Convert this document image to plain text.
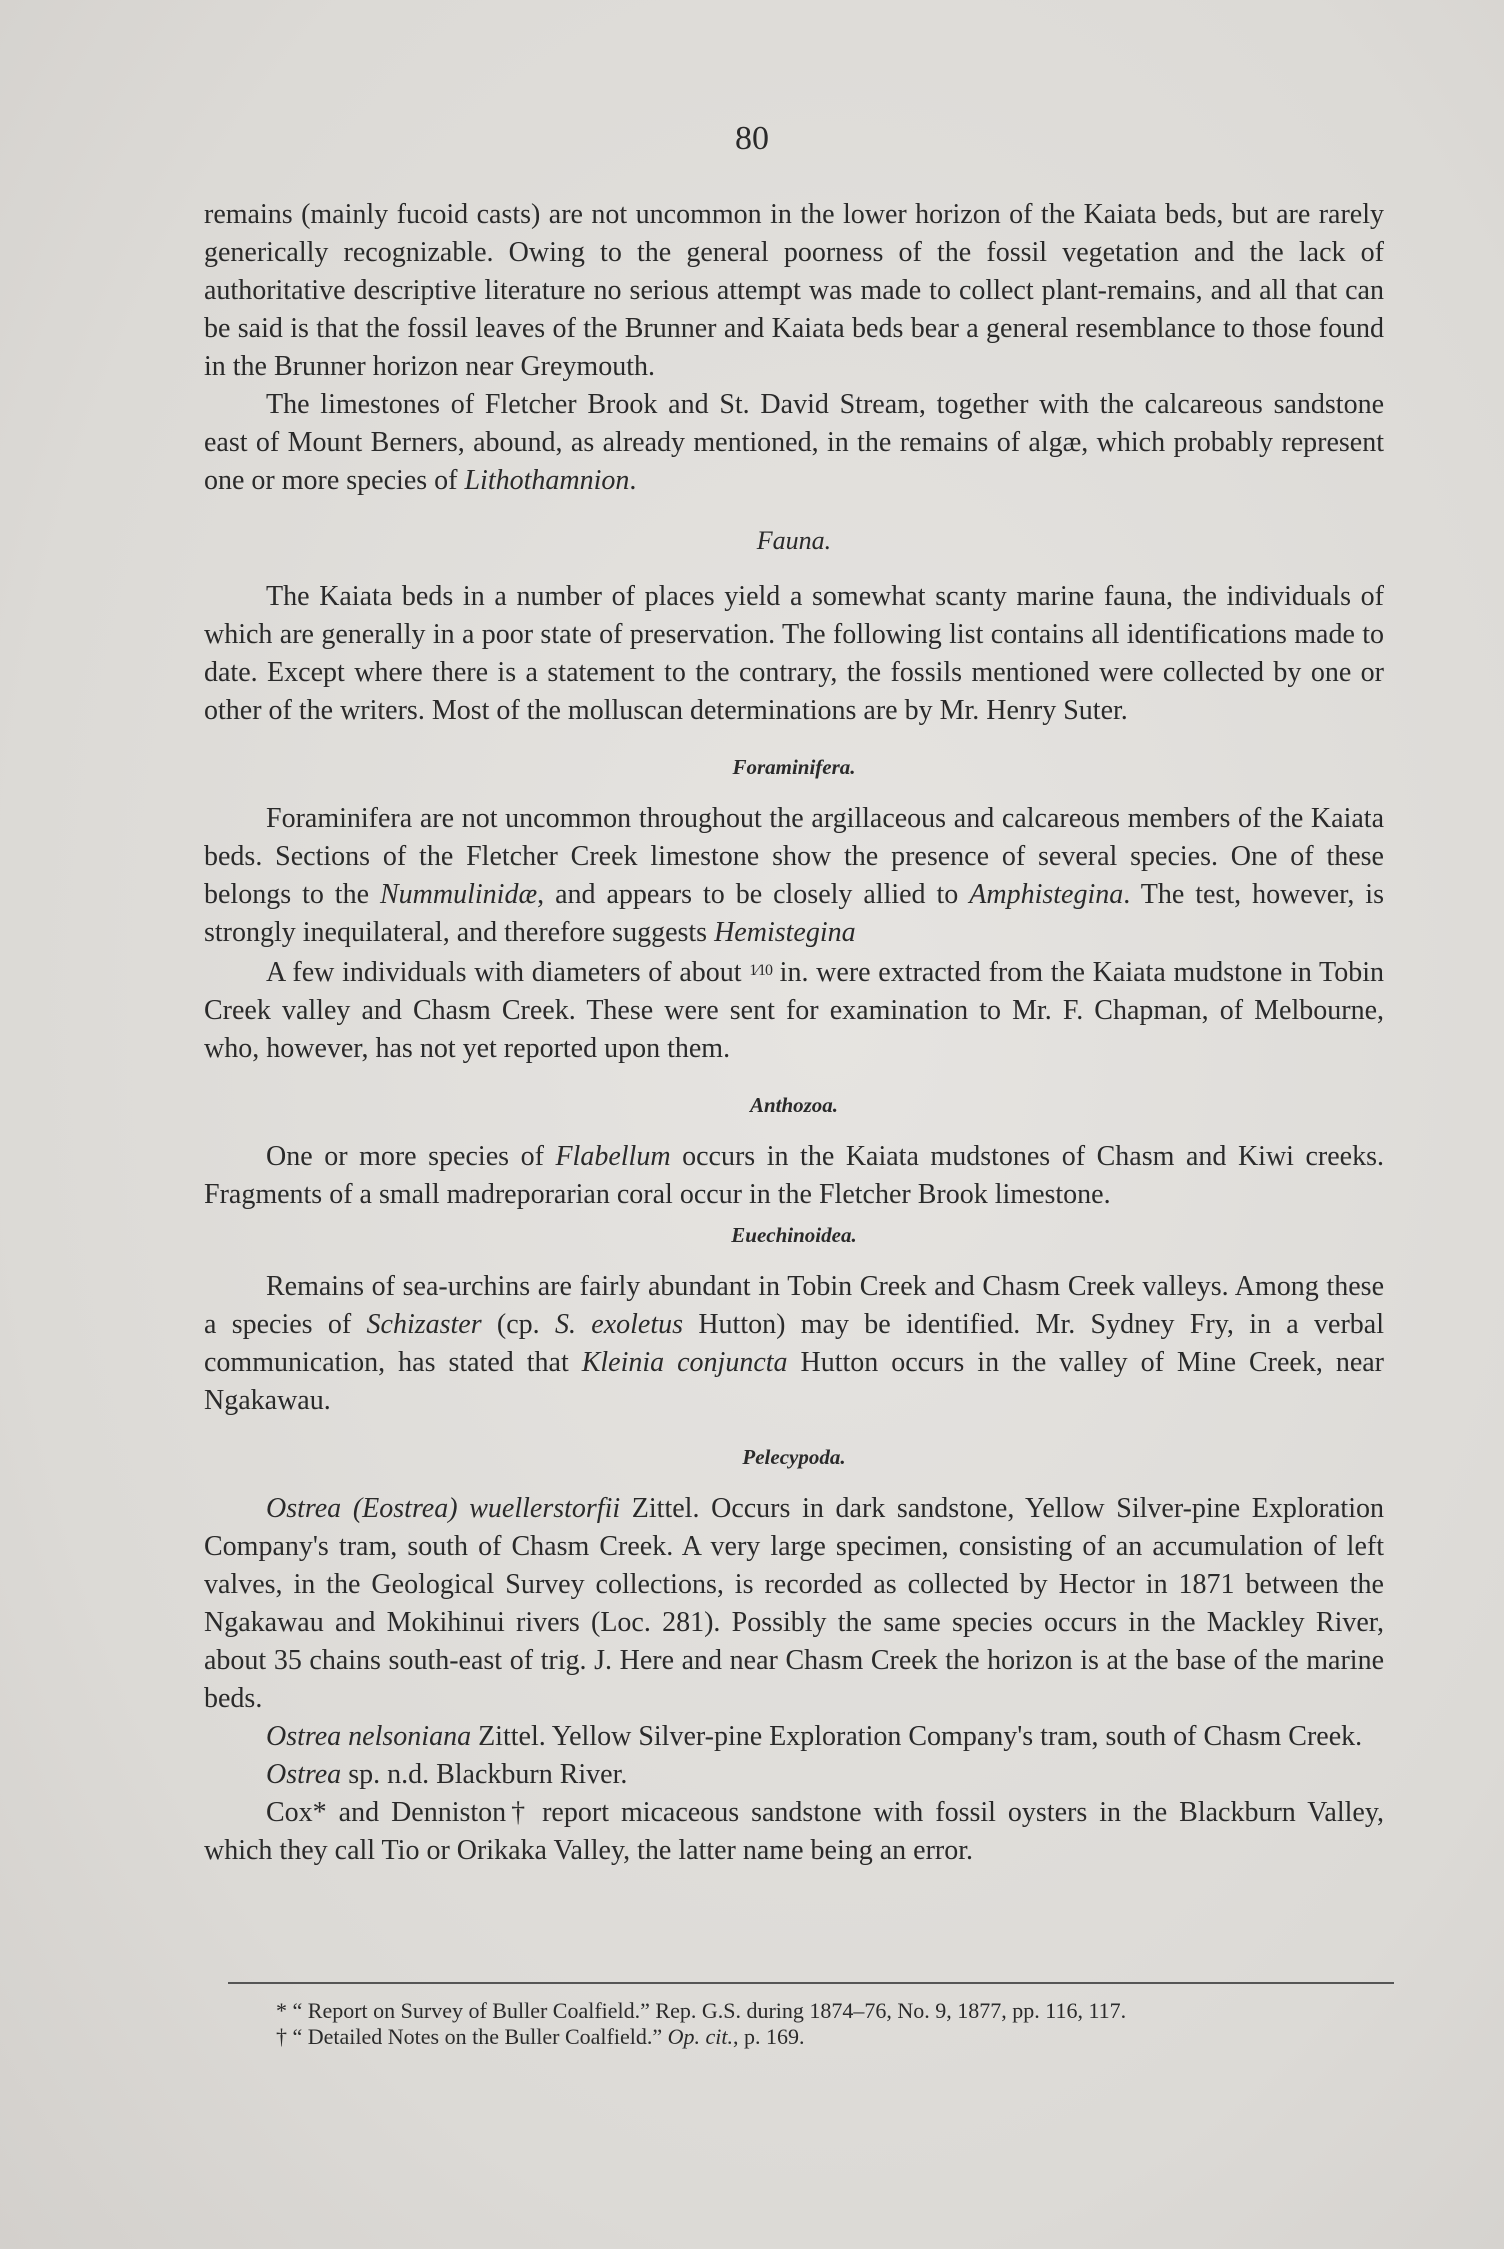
80

remains (mainly fucoid casts) are not uncommon in the lower horizon of the Kaiata beds, but are rarely generically recognizable. Owing to the general poorness of the fossil vegetation and the lack of authoritative descriptive literature no serious attempt was made to collect plant-remains, and all that can be said is that the fossil leaves of the Brunner and Kaiata beds bear a general resemblance to those found in the Brunner horizon near Greymouth.

The limestones of Fletcher Brook and St. David Stream, together with the calcareous sandstone east of Mount Berners, abound, as already mentioned, in the remains of algæ, which probably represent one or more species of Lithothamnion.

Fauna.

The Kaiata beds in a number of places yield a somewhat scanty marine fauna, the individuals of which are generally in a poor state of preservation. The following list contains all identifications made to date. Except where there is a statement to the contrary, the fossils mentioned were collected by one or other of the writers. Most of the molluscan determinations are by Mr. Henry Suter.

Foraminifera.

Foraminifera are not uncommon throughout the argillaceous and calcareous members of the Kaiata beds. Sections of the Fletcher Creek limestone show the presence of several species. One of these belongs to the Nummulinidæ, and appears to be closely allied to Amphistegina. The test, however, is strongly inequilateral, and therefore suggests Hemistegina

A few individuals with diameters of about $^{1⁄10}$ in. were extracted from the Kaiata mudstone in Tobin Creek valley and Chasm Creek. These were sent for examination to Mr. F. Chapman, of Melbourne, who, however, has not yet reported upon them.

Anthozoa.

One or more species of Flabellum occurs in the Kaiata mudstones of Chasm and Kiwi creeks. Fragments of a small madreporarian coral occur in the Fletcher Brook limestone.

Euechinoidea.

Remains of sea-urchins are fairly abundant in Tobin Creek and Chasm Creek valleys. Among these a species of Schizaster (cp. S. exoletus Hutton) may be identified. Mr. Sydney Fry, in a verbal communication, has stated that Kleinia conjuncta Hutton occurs in the valley of Mine Creek, near Ngakawau.

Pelecypoda.

Ostrea (Eostrea) wuellerstorfii Zittel. Occurs in dark sandstone, Yellow Silver-pine Exploration Company's tram, south of Chasm Creek. A very large specimen, consisting of an accumulation of left valves, in the Geological Survey collections, is recorded as collected by Hector in 1871 between the Ngakawau and Mokihinui rivers (Loc. 281). Possibly the same species occurs in the Mackley River, about 35 chains south-east of trig. J. Here and near Chasm Creek the horizon is at the base of the marine beds.

Ostrea nelsoniana Zittel. Yellow Silver-pine Exploration Company's tram, south of Chasm Creek.

Ostrea sp. n.d. Blackburn River.

Cox* and Denniston† report micaceous sandstone with fossil oysters in the Blackburn Valley, which they call Tio or Orikaka Valley, the latter name being an error.

* “ Report on Survey of Buller Coalfield.” Rep. G.S. during 1874–76, No. 9, 1877, pp. 116, 117.
† “ Detailed Notes on the Buller Coalfield.” Op. cit., p. 169.
